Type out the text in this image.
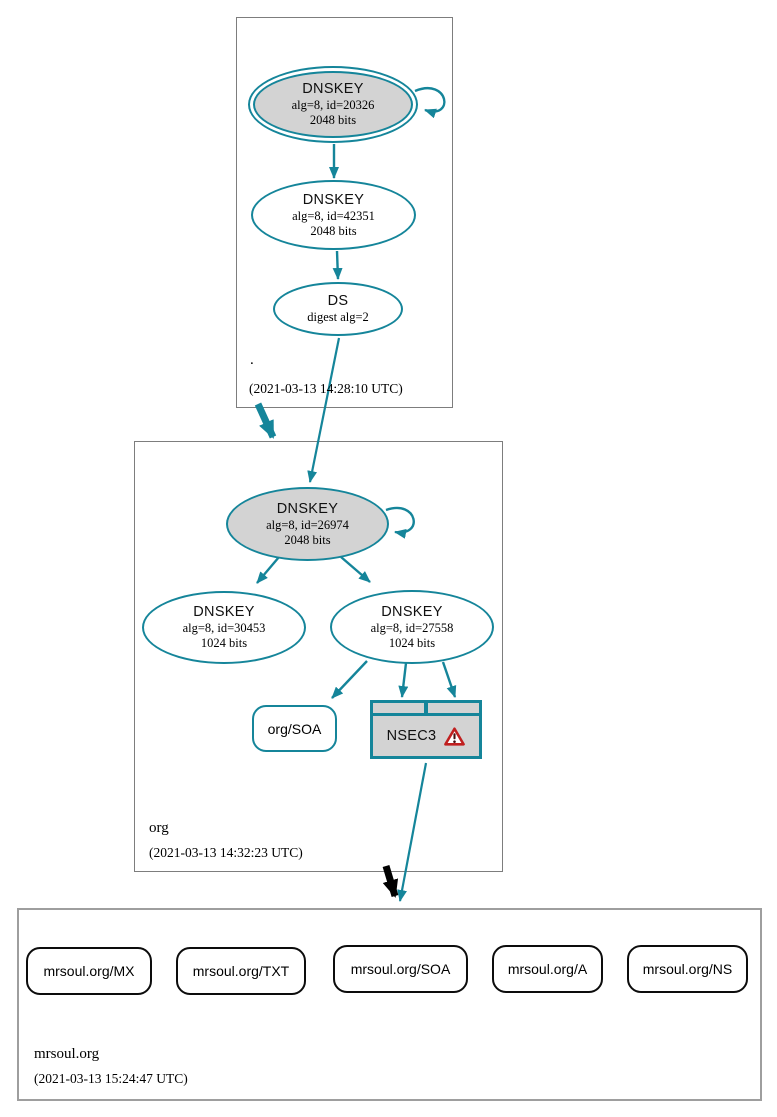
.
(2021-03-13 14:28:10 UTC)
org
(2021-03-13 14:32:23 UTC)
mrsoul.org
(2021-03-13 15:24:47 UTC)
DNSKEY
alg=8, id=20326
2048 bits
DNSKEY
alg=8, id=42351
2048 bits
DS
digest alg=2
DNSKEY
alg=8, id=26974
2048 bits
DNSKEY
alg=8, id=30453
1024 bits
DNSKEY
alg=8, id=27558
1024 bits
org/SOA	NSEC3
mrsoul.org/MX	mrsoul.org/TXT	mrsoul.org/SOA	mrsoul.org/A	mrsoul.org/NS
